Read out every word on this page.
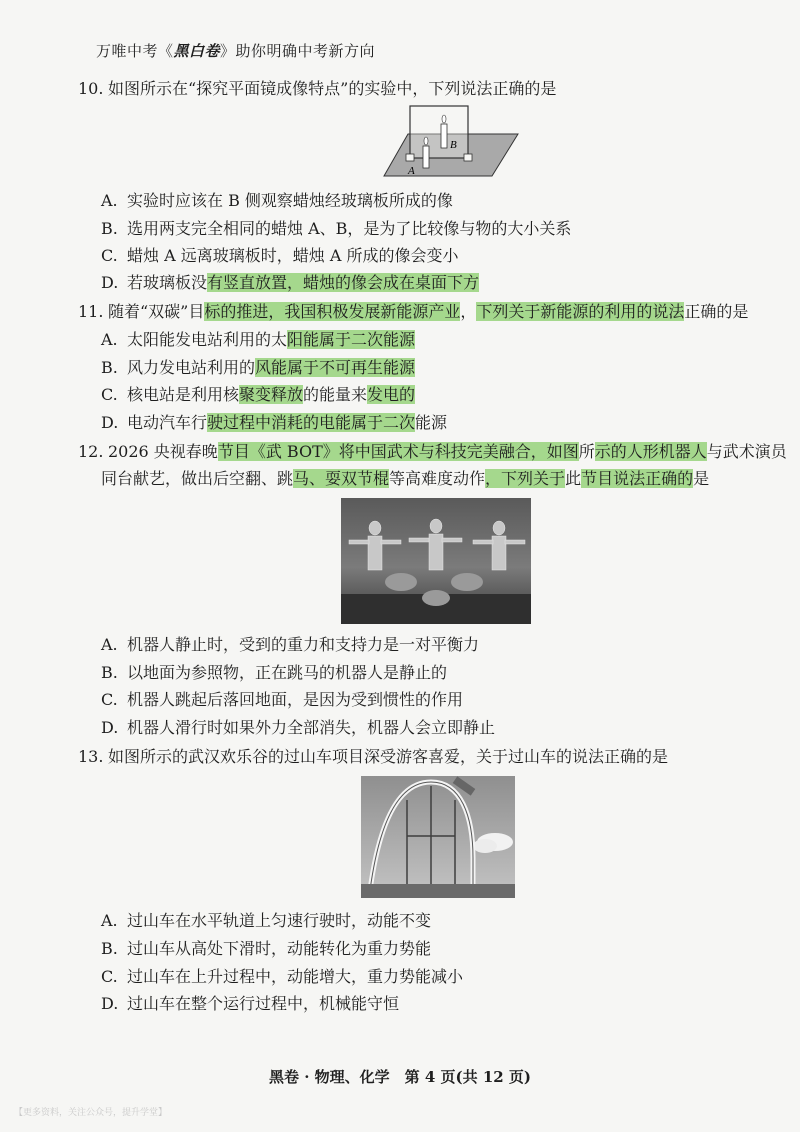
万唯中考《黑白卷》助你明确中考新方向
10. 如图所示在“探究平面镜成像特点”的实验中，下列说法正确的是
A
B
A. 实验时应该在 B 侧观察蜡烛经玻璃板所成的像
B. 选用两支完全相同的蜡烛 A、B，是为了比较像与物的大小关系
C. 蜡烛 A 远离玻璃板时，蜡烛 A 所成的像会变小
D. 若玻璃板没有竖直放置，蜡烛的像会成在桌面下方
11. 随着“双碳”目标的推进，我国积极发展新能源产业，下列关于新能源的利用的说法正确的是
A. 太阳能发电站利用的太阳能属于二次能源
B. 风力发电站利用的风能属于不可再生能源
C. 核电站是利用核聚变释放的能量来发电的
D. 电动汽车行驶过程中消耗的电能属于二次能源
12. 2026 央视春晚节目《武 BOT》将中国武术与科技完美融合，如图所示的人形机器人与武术演员
同台献艺，做出后空翻、跳马、耍双节棍等高难度动作，下列关于此节目说法正确的是
A. 机器人静止时，受到的重力和支持力是一对平衡力
B. 以地面为参照物，正在跳马的机器人是静止的
C. 机器人跳起后落回地面，是因为受到惯性的作用
D. 机器人滑行时如果外力全部消失，机器人会立即静止
13. 如图所示的武汉欢乐谷的过山车项目深受游客喜爱，关于过山车的说法正确的是
A. 过山车在水平轨道上匀速行驶时，动能不变
B. 过山车从高处下滑时，动能转化为重力势能
C. 过山车在上升过程中，动能增大，重力势能减小
D. 过山车在整个运行过程中，机械能守恒
黑卷 · 物理、化学　第 4 页(共 12 页)
【更多资料，关注公众号，提升学堂】
